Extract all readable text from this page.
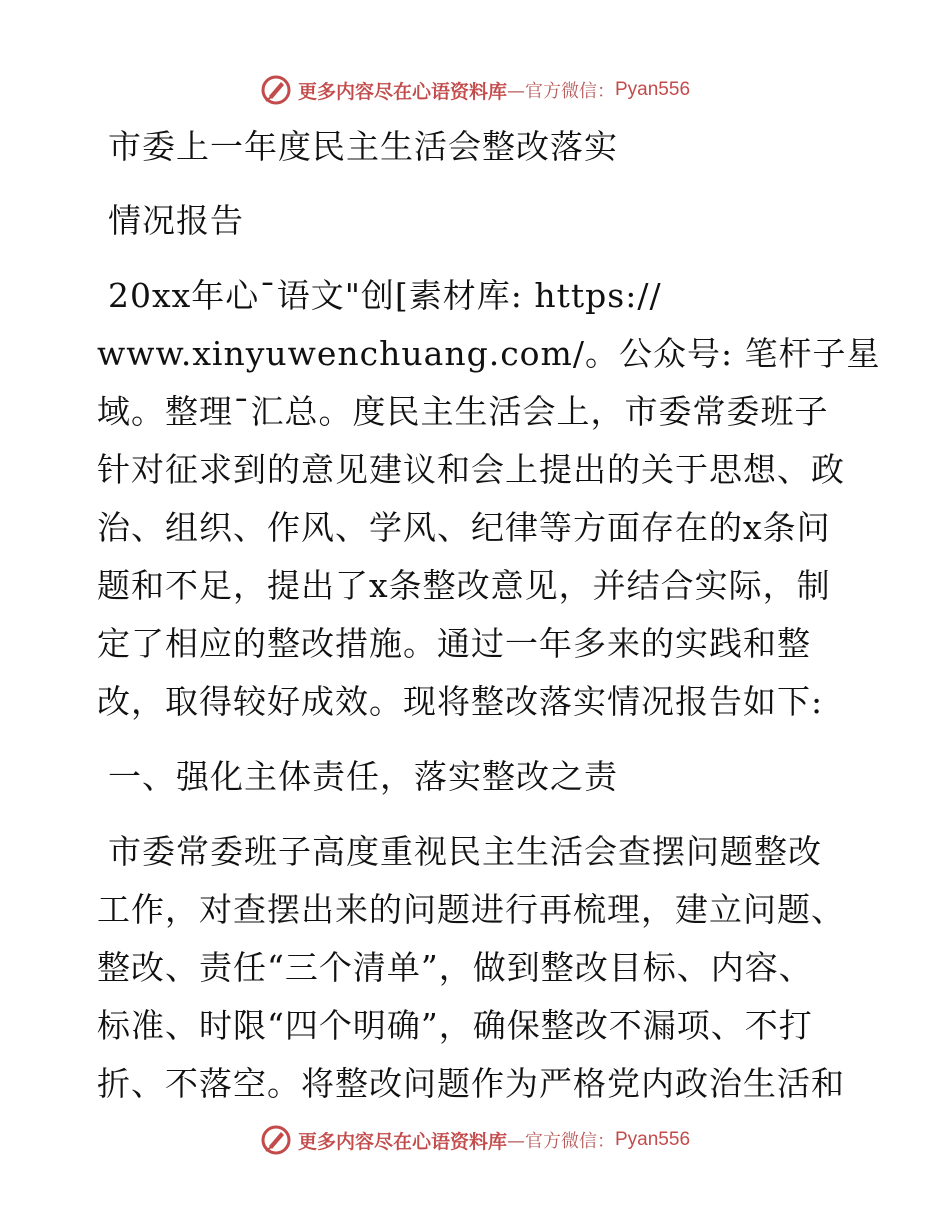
更多内容尽在心语资料库 —官方微信： Pyan556
市委上一年度民主生活会整改落实
情况报告
20xx年心¯语文"创[素材库: https://
www.xinyuwenchuang.com/。公众号: 笔杆子星
域。整理¯汇总。度民主生活会上，市委常委班子
针对征求到的意见建议和会上提出的关于思想、政
治、组织、作风、学风、纪律等方面存在的x条问
题和不足，提出了x条整改意见，并结合实际，制
定了相应的整改措施。通过一年多来的实践和整
改，取得较好成效。现将整改落实情况报告如下:
一、强化主体责任，落实整改之责
市委常委班子高度重视民主生活会查摆问题整改
工作，对查摆出来的问题进行再梳理，建立问题、
整改、责任“三个清单”，做到整改目标、内容、
标准、时限“四个明确”，确保整改不漏项、不打
折、不落空。将整改问题作为严格党内政治生活和
更多内容尽在心语资料库 —官方微信： Pyan556
